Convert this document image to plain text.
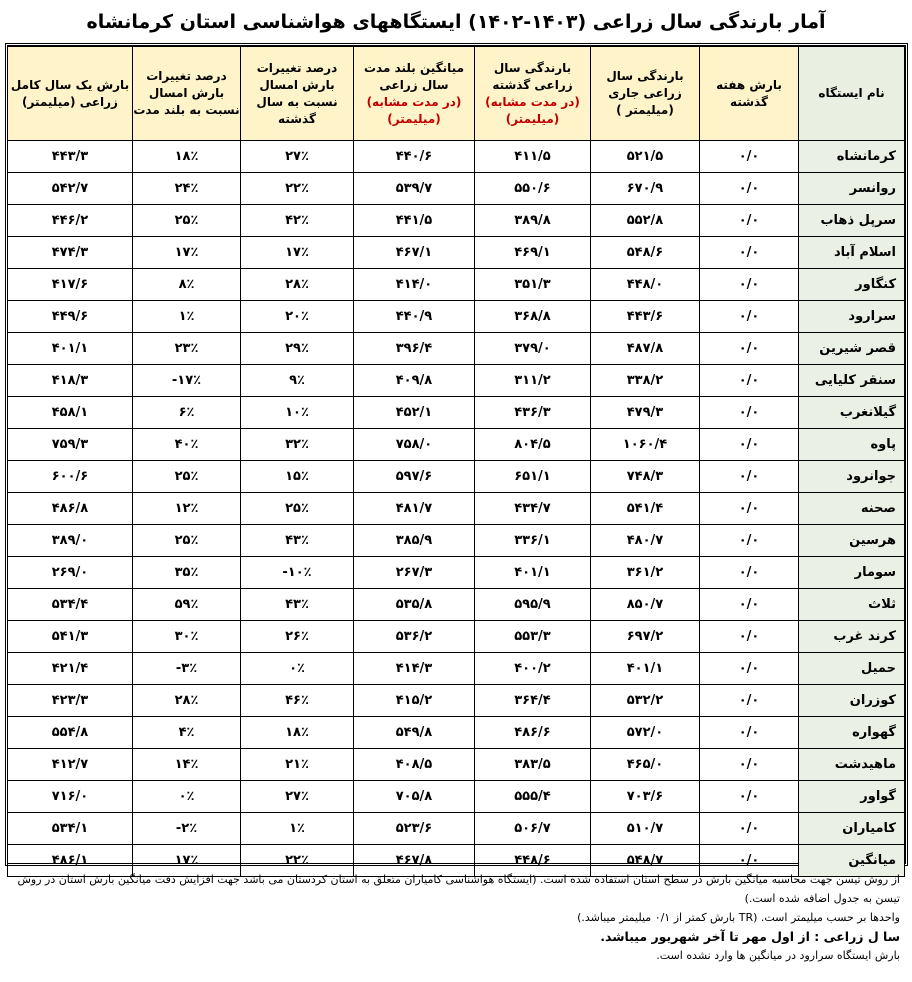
آمار بارندگی سال زراعی (۱۴۰۳-۱۴۰۲) ایستگاههای هواشناسی استان کرمانشاه
نام ایستگاه	بارش هفته گذشته	بارندگی سال زراعی جاری (میلیمتر )	بارندگی سال زراعی گذشته
(در مدت مشابه)
(میلیمتر)	میانگین بلند مدت سال زراعی
(در مدت مشابه)
(میلیمتر)	درصد تغییرات بارش امسال نسبت به سال گذشته	درصد تغییرات بارش امسال نسبت به بلند مدت	بارش یک سال کامل زراعی (میلیمتر)
کرمانشاه	۰/۰	۵۲۱/۵	۴۱۱/۵	۴۴۰/۶	۲۷٪	۱۸٪	۴۴۳/۳
روانسر	۰/۰	۶۷۰/۹	۵۵۰/۶	۵۳۹/۷	۲۲٪	۲۴٪	۵۴۲/۷
سرپل ذهاب	۰/۰	۵۵۲/۸	۳۸۹/۸	۴۴۱/۵	۴۲٪	۲۵٪	۴۴۶/۲
اسلام آباد	۰/۰	۵۴۸/۶	۴۶۹/۱	۴۶۷/۱	۱۷٪	۱۷٪	۴۷۴/۳
کنگاور	۰/۰	۴۴۸/۰	۳۵۱/۳	۴۱۴/۰	۲۸٪	۸٪	۴۱۷/۶
سرارود	۰/۰	۴۴۳/۶	۳۶۸/۸	۴۴۰/۹	۲۰٪	۱٪	۴۴۹/۶
قصر شیرین	۰/۰	۴۸۷/۸	۳۷۹/۰	۳۹۶/۴	۲۹٪	۲۳٪	۴۰۱/۱
سنقر کلیایی	۰/۰	۳۳۸/۲	۳۱۱/۲	۴۰۹/۸	۹٪	-۱۷٪	۴۱۸/۳
گیلانغرب	۰/۰	۴۷۹/۳	۴۳۶/۳	۴۵۲/۱	۱۰٪	۶٪	۴۵۸/۱
پاوه	۰/۰	۱۰۶۰/۴	۸۰۴/۵	۷۵۸/۰	۳۲٪	۴۰٪	۷۵۹/۳
جوانرود	۰/۰	۷۴۸/۳	۶۵۱/۱	۵۹۷/۶	۱۵٪	۲۵٪	۶۰۰/۶
صحنه	۰/۰	۵۴۱/۴	۴۳۴/۷	۴۸۱/۷	۲۵٪	۱۲٪	۴۸۶/۸
هرسین	۰/۰	۴۸۰/۷	۳۳۶/۱	۳۸۵/۹	۴۳٪	۲۵٪	۳۸۹/۰
سومار	۰/۰	۳۶۱/۲	۴۰۱/۱	۲۶۷/۳	-۱۰٪	۳۵٪	۲۶۹/۰
ثلاث	۰/۰	۸۵۰/۷	۵۹۵/۹	۵۳۵/۸	۴۳٪	۵۹٪	۵۳۴/۴
کرند غرب	۰/۰	۶۹۷/۲	۵۵۳/۳	۵۳۶/۲	۲۶٪	۳۰٪	۵۴۱/۳
حمیل	۰/۰	۴۰۱/۱	۴۰۰/۲	۴۱۴/۳	۰٪	-۳٪	۴۲۱/۴
کوزران	۰/۰	۵۳۲/۲	۳۶۴/۴	۴۱۵/۲	۴۶٪	۲۸٪	۴۲۳/۳
گهواره	۰/۰	۵۷۲/۰	۴۸۶/۶	۵۴۹/۸	۱۸٪	۴٪	۵۵۴/۸
ماهیدشت	۰/۰	۴۶۵/۰	۳۸۳/۵	۴۰۸/۵	۲۱٪	۱۴٪	۴۱۲/۷
گواور	۰/۰	۷۰۳/۶	۵۵۵/۴	۷۰۵/۸	۲۷٪	۰٪	۷۱۶/۰
کامیاران	۰/۰	۵۱۰/۷	۵۰۶/۷	۵۲۳/۶	۱٪	-۲٪	۵۳۴/۱
میانگین	۰/۰	۵۴۸/۷	۴۴۸/۶	۴۶۷/۸	۲۲٪	۱۷٪	۴۸۶/۱

از روش تیسن جهت محاسبه میانگین بارش در سطح استان استفاده شده است. (ایستگاه هواشناسی کامیاران متعلق به استان کردستان می باشد جهت افزایش دقت میانگین بارش استان در روش تیسن به جدول اضافه شده است.)

واحدها بر حسب میلیمتر است. (TR بارش کمتر از ۰/۱ میلیمتر میباشد.)

سا ل زراعی : از اول مهر تا آخر شهریور میباشد.

بارش ایستگاه سرارود در میانگین ها وارد نشده است.
